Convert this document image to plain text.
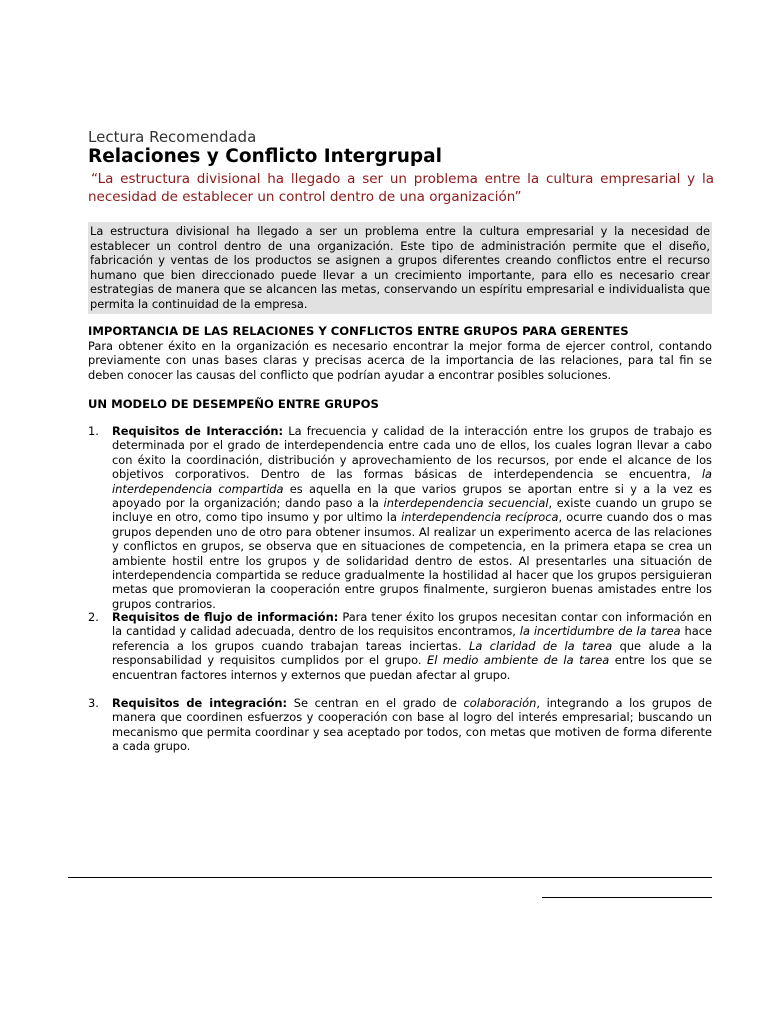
Lectura Recomendada
Relaciones y Conflicto Intergrupal
“La estructura divisional ha llegado a ser un problema entre la cultura empresarial y la necesidad de establecer un control dentro de una organización”
La estructura divisional ha llegado a ser un problema entre la cultura empresarial y la necesidad de establecer un control dentro de una organización. Este tipo de administración permite que el diseño, fabricación y ventas de los productos se asignen a grupos diferentes creando conflictos entre el recurso humano que bien direccionado puede llevar a un crecimiento importante, para ello es necesario crear estrategias de manera que se alcancen las metas, conservando un espíritu empresarial e individualista que permita la continuidad de la empresa.
IMPORTANCIA DE LAS RELACIONES Y CONFLICTOS ENTRE GRUPOS PARA GERENTES
Para obtener éxito en la organización es necesario encontrar la mejor forma de ejercer control, contando previamente con unas bases claras y precisas acerca de la importancia de las relaciones, para tal fin se deben conocer las causas del conflicto que podrían ayudar a encontrar posibles soluciones.
UN MODELO DE DESEMPEÑO ENTRE GRUPOS
1. Requisitos de Interacción: La frecuencia y calidad de la interacción entre los grupos de trabajo es determinada por el grado de interdependencia entre cada uno de ellos, los cuales logran llevar a cabo con éxito la coordinación, distribución y aprovechamiento de los recursos, por ende el alcance de los objetivos corporativos. Dentro de las formas básicas de interdependencia se encuentra, la interdependencia compartida es aquella en la que varios grupos se aportan entre si y a la vez es apoyado por la organización; dando paso a la interdependencia secuencial, existe cuando un grupo se incluye en otro, como tipo insumo y por ultimo la interdependencia recíproca, ocurre cuando dos o mas grupos dependen uno de otro para obtener insumos. Al realizar un experimento acerca de las relaciones y conflictos en grupos, se observa que en situaciones de competencia, en la primera etapa se crea un ambiente hostil entre los grupos y de solidaridad dentro de estos. Al presentarles una situación de interdependencia compartida se reduce gradualmente la hostilidad al hacer que los grupos persiguieran metas que promovieran la cooperación entre grupos finalmente, surgieron buenas amistades entre los grupos contrarios.
2. Requisitos de flujo de información: Para tener éxito los grupos necesitan contar con información en la cantidad y calidad adecuada, dentro de los requisitos encontramos, la incertidumbre de la tarea hace referencia a los grupos cuando trabajan tareas inciertas. La claridad de la tarea que alude a la responsabilidad y requisitos cumplidos por el grupo. El medio ambiente de la tarea entre los que se encuentran factores internos y externos que puedan afectar al grupo.
3. Requisitos de integración: Se centran en el grado de colaboración, integrando a los grupos de manera que coordinen esfuerzos y cooperación con base al logro del interés empresarial; buscando un mecanismo que permita coordinar y sea aceptado por todos, con metas que motiven de forma diferente a cada grupo.
